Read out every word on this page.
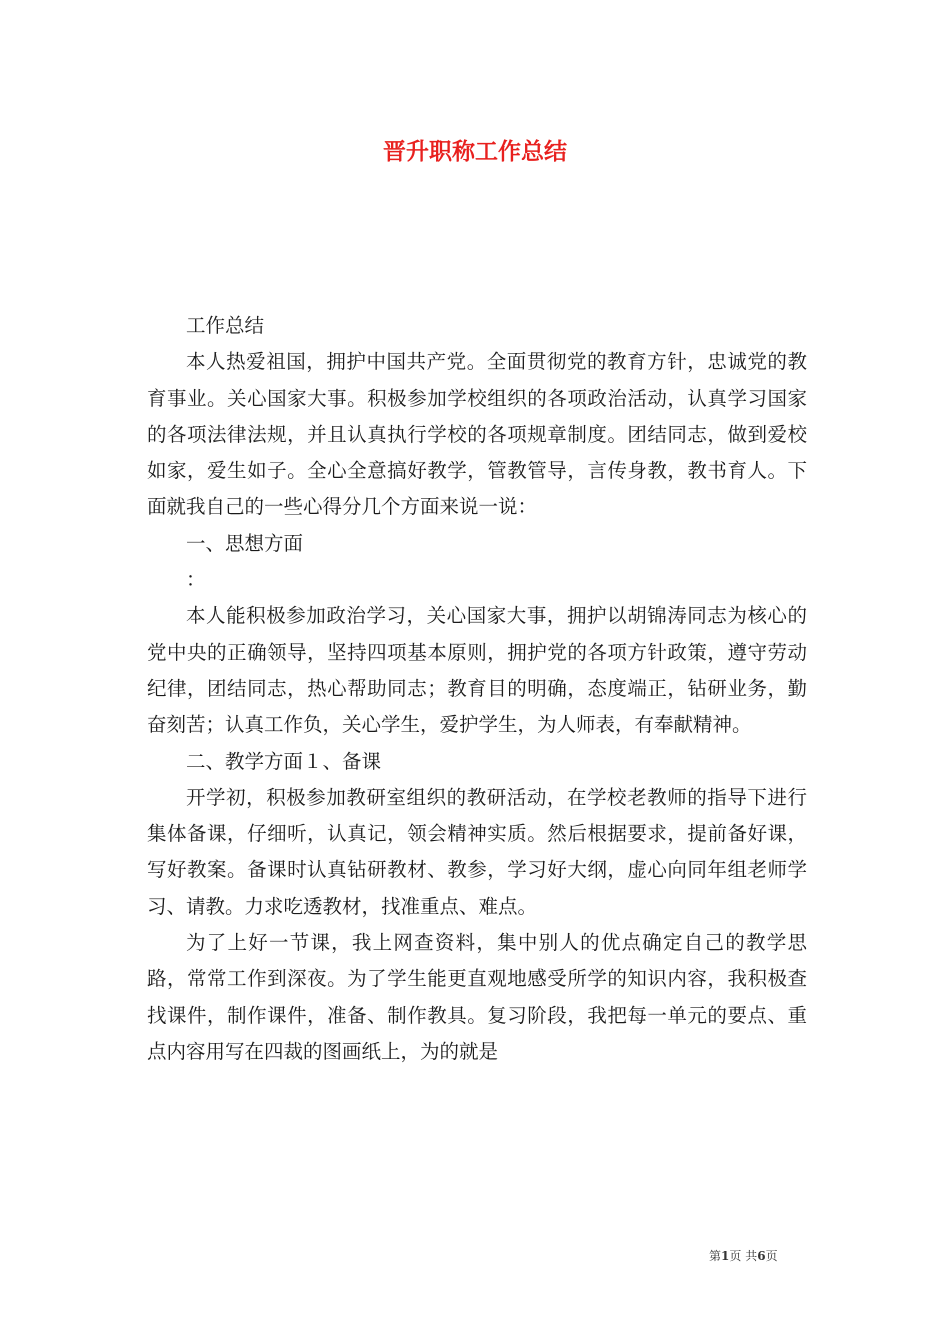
晋升职称工作总结

工作总结

本人热爱祖国，拥护中国共产党。全面贯彻党的教育方针，忠诚党的教育事业。关心国家大事。积极参加学校组织的各项政治活动，认真学习国家的各项法律法规，并且认真执行学校的各项规章制度。团结同志，做到爱校如家，爱生如子。全心全意搞好教学，管教管导，言传身教，教书育人。下面就我自己的一些心得分几个方面来说一说：

一、思想方面

：

本人能积极参加政治学习，关心国家大事，拥护以胡锦涛同志为核心的党中央的正确领导，坚持四项基本原则，拥护党的各项方针政策，遵守劳动纪律，团结同志，热心帮助同志；教育目的明确，态度端正，钻研业务，勤奋刻苦；认真工作负，关心学生，爱护学生，为人师表，有奉献精神。

二、教学方面１、备课

开学初，积极参加教研室组织的教研活动，在学校老教师的指导下进行集体备课，仔细听，认真记，领会精神实质。然后根据要求，提前备好课，写好教案。备课时认真钻研教材、教参，学习好大纲，虚心向同年组老师学习、请教。力求吃透教材，找准重点、难点。

为了上好一节课，我上网查资料，集中别人的优点确定自己的教学思路，常常工作到深夜。为了学生能更直观地感受所学的知识内容，我积极查找课件，制作课件，准备、制作教具。复习阶段，我把每一单元的要点、重点内容用写在四裁的图画纸上，为的就是

第1页 共6页
